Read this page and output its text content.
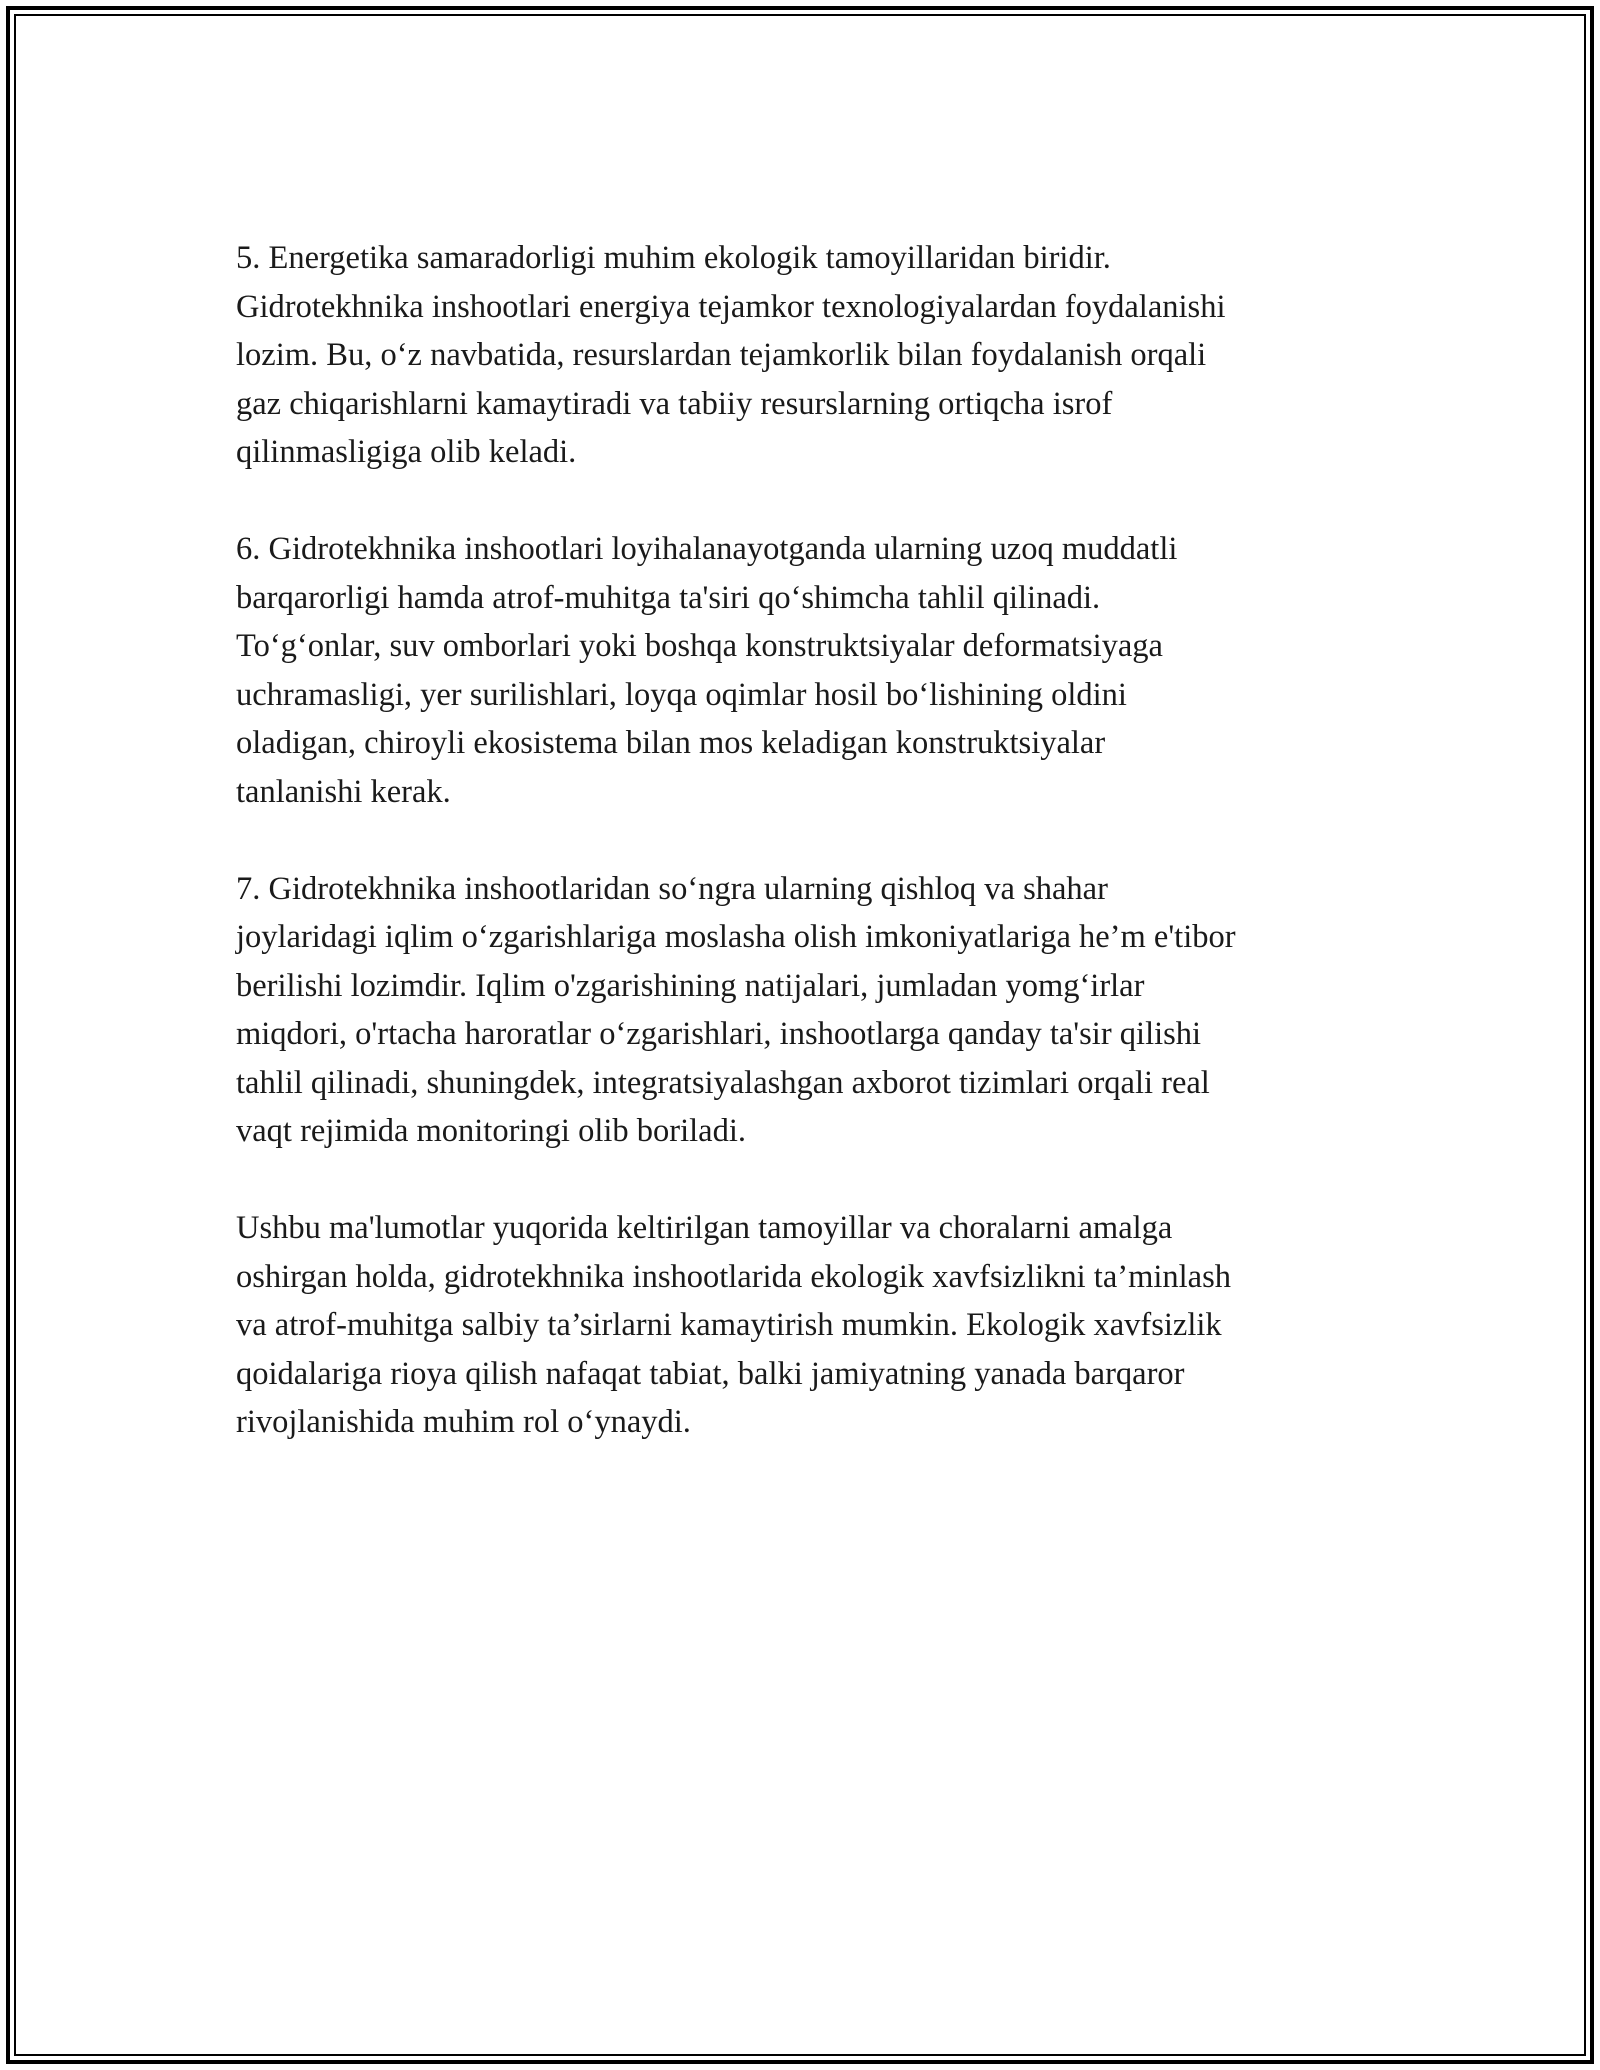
5. Energetika samaradorligi muhim ekologik tamoyillaridan biridir.
Gidrotekhnika inshootlari energiya tejamkor texnologiyalardan foydalanishi
lozim. Bu, o‘z navbatida, resurslardan tejamkorlik bilan foydalanish orqali
gaz chiqarishlarni kamaytiradi va tabiiy resurslarning ortiqcha isrof
qilinmasligiga olib keladi.

6. Gidrotekhnika inshootlari loyihalanayotganda ularning uzoq muddatli
barqarorligi hamda atrof-muhitga ta'siri qo‘shimcha tahlil qilinadi.
To‘g‘onlar, suv omborlari yoki boshqa konstruktsiyalar deformatsiyaga
uchramasligi, yer surilishlari, loyqa oqimlar hosil bo‘lishining oldini
oladigan, chiroyli ekosistema bilan mos keladigan konstruktsiyalar
tanlanishi kerak.

7. Gidrotekhnika inshootlaridan so‘ngra ularning qishloq va shahar
joylaridagi iqlim o‘zgarishlariga moslasha olish imkoniyatlariga he’m e'tibor
berilishi lozimdir. Iqlim o'zgarishining natijalari, jumladan yomg‘irlar
miqdori, o'rtacha haroratlar o‘zgarishlari, inshootlarga qanday ta'sir qilishi
tahlil qilinadi, shuningdek, integratsiyalashgan axborot tizimlari orqali real
vaqt rejimida monitoringi olib boriladi.

Ushbu ma'lumotlar yuqorida keltirilgan tamoyillar va choralarni amalga
oshirgan holda, gidrotekhnika inshootlarida ekologik xavfsizlikni ta’minlash
va atrof-muhitga salbiy ta’sirlarni kamaytirish mumkin. Ekologik xavfsizlik
qoidalariga rioya qilish nafaqat tabiat, balki jamiyatning yanada barqaror
rivojlanishida muhim rol o‘ynaydi.
